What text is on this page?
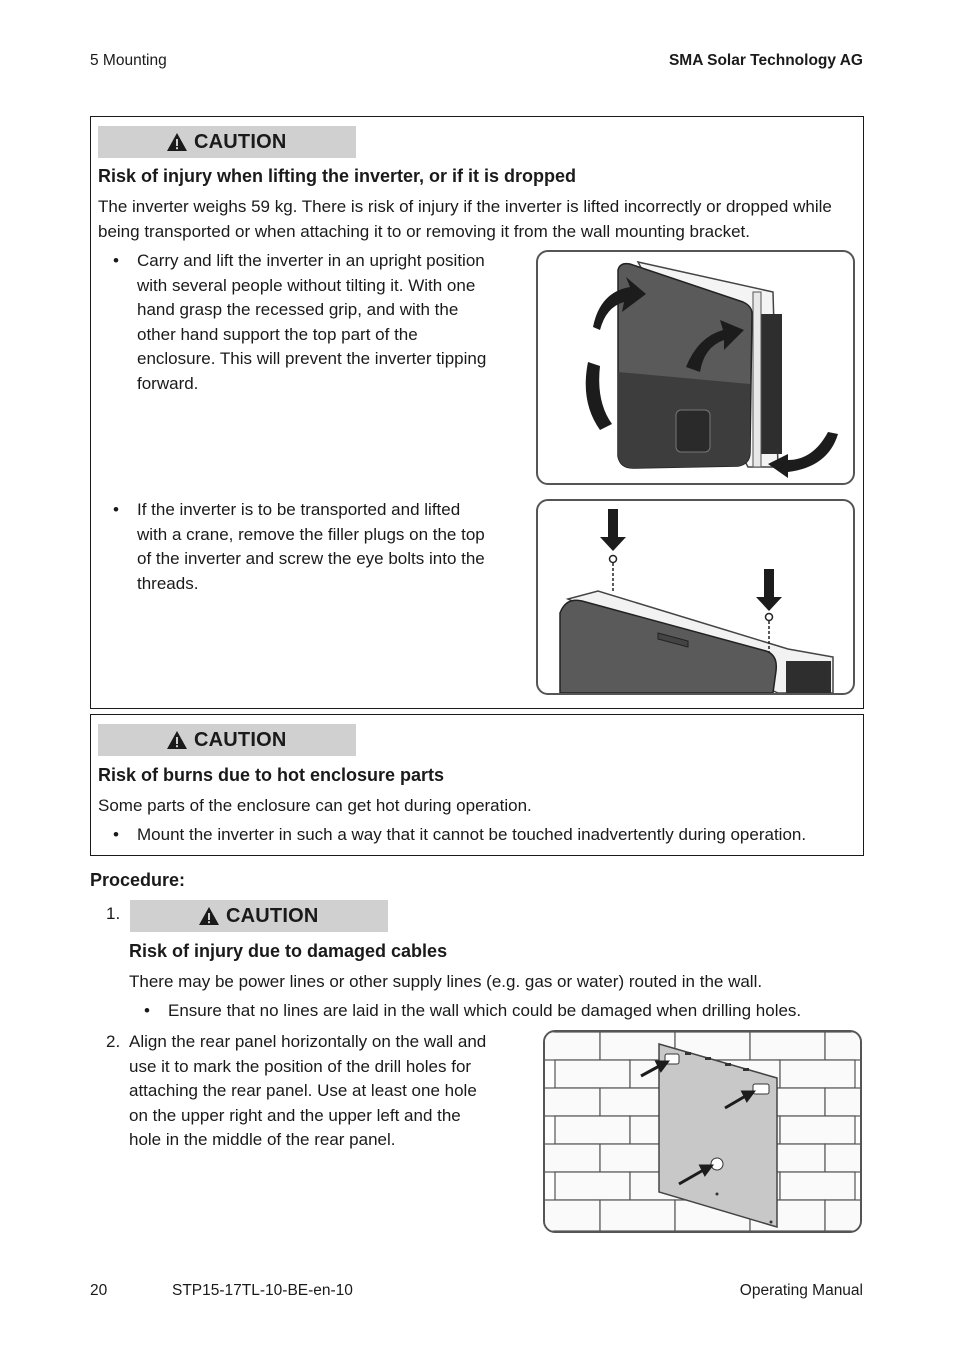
5 Mounting	SMA Solar Technology AG
CAUTION
Risk of injury when lifting the inverter, or if it is dropped
The inverter weighs 59 kg. There is risk of injury if the inverter is lifted incorrectly or dropped while
being transported or when attaching it to or removing it from the wall mounting bracket.
• Carry and lift the inverter in an upright position
with several people without tilting it. With one
hand grasp the recessed grip, and with the
other hand support the top part of the
enclosure. This will prevent the inverter tipping
forward.
• If the inverter is to be transported and lifted
with a crane, remove the filler plugs on the top
of the inverter and screw the eye bolts into the
threads.
CAUTION
Risk of burns due to hot enclosure parts
Some parts of the enclosure can get hot during operation.
• Mount the inverter in such a way that it cannot be touched inadvertently during operation.
Procedure:
1.	CAUTION
Risk of injury due to damaged cables
There may be power lines or other supply lines (e.g. gas or water) routed in the wall.
• Ensure that no lines are laid in the wall which could be damaged when drilling holes.
2. Align the rear panel horizontally on the wall and
use it to mark the position of the drill holes for
attaching the rear panel. Use at least one hole
on the upper right and the upper left and the
hole in the middle of the rear panel.
20	STP15-17TL-10-BE-en-10	Operating Manual
